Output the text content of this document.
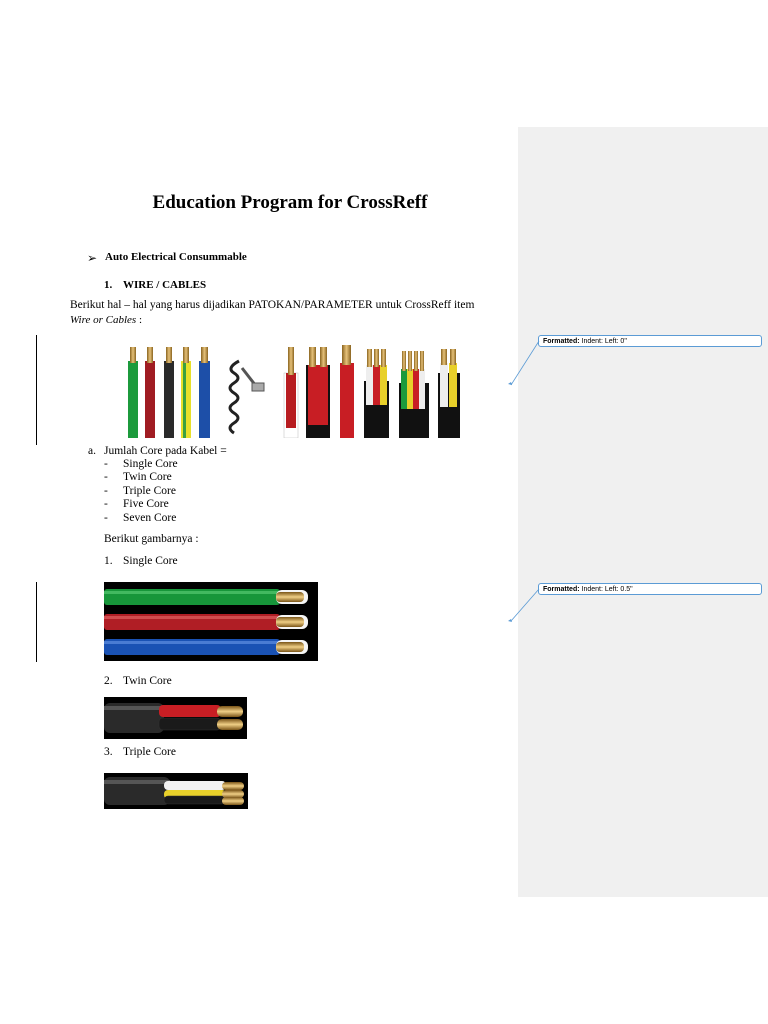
Education Program for CrossReff
➢ Auto Electrical Consummable
1. WIRE / CABLES
Berikut hal – hal yang harus dijadikan PATOKAN/PARAMETER untuk CrossReff item
Wire or Cables :
Formatted: Indent: Left: 0"
Formatted: Indent: Left: 0.5"
a. Jumlah Core pada Kabel =
- Single Core
- Twin Core
- Triple Core
- Five Core
- Seven Core
Berikut gambarnya :
1. Single Core
2. Twin Core
3. Triple Core
